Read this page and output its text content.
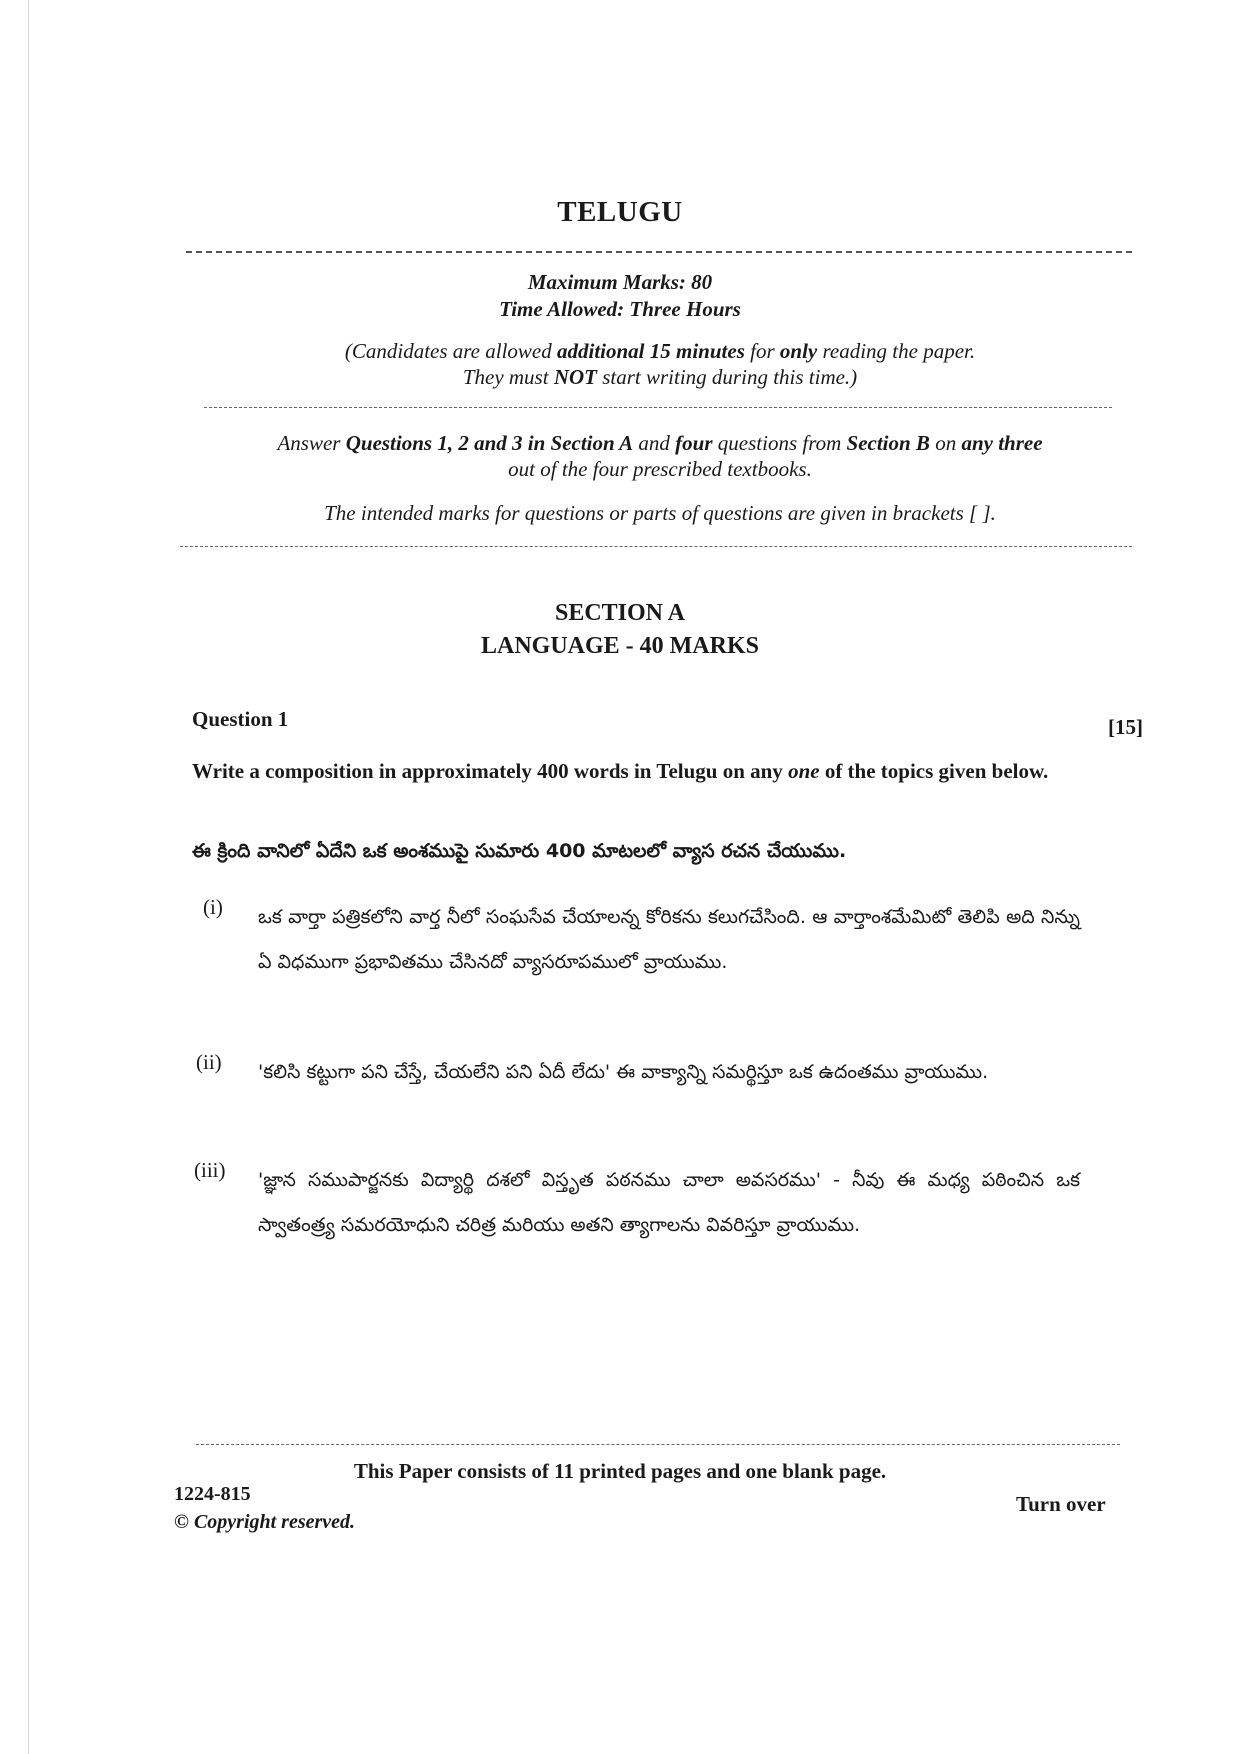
TELUGU
Maximum Marks: 80
Time Allowed: Three Hours
(Candidates are allowed additional 15 minutes for only reading the paper.
They must NOT start writing during this time.)
Answer Questions 1, 2 and 3 in Section A and four questions from Section B on any three
out of the four prescribed textbooks.
The intended marks for questions or parts of questions are given in brackets [ ].
SECTION A
LANGUAGE - 40 MARKS
Question 1	[15]
Write a composition in approximately 400 words in Telugu on any one of the topics given below.
ఈ క్రింది వానిలో ఏదేని ఒక అంశముపై సుమారు 400 మాటలలో వ్యాస రచన చేయుము.
(i) ఒక వార్తా పత్రికలోని వార్త నీలో సంఘసేవ చేయాలన్న కోరికను కలుగచేసింది. ఆ వార్తాంశమేమిటో తెలిపి అది నిన్ను ఏ విధముగా ప్రభావితము చేసినదో వ్యాసరూపములో వ్రాయుము.
(ii) 'కలిసి కట్టుగా పని చేస్తే, చేయలేని పని ఏదీ లేదు' ఈ వాక్యాన్ని సమర్థిస్తూ ఒక ఉదంతము వ్రాయుము.
(iii) 'జ్ఞాన సముపార్జనకు విద్యార్థి దశలో విస్తృత పఠనము చాలా అవసరము' - నీవు ఈ మధ్య పఠించిన ఒక స్వాతంత్ర్య సమరయోధుని చరిత్ర మరియు అతని త్యాగాలను వివరిస్తూ వ్రాయుము.
This Paper consists of 11 printed pages and one blank page.
1224-815
© Copyright reserved.
Turn over
